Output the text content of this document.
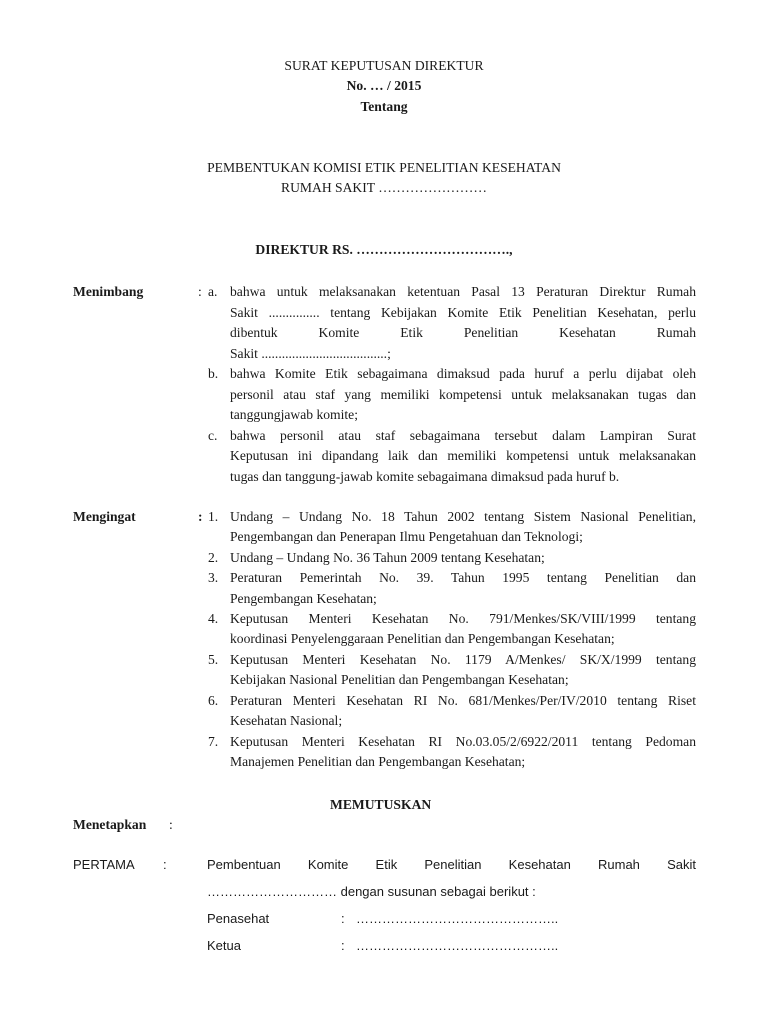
SURAT KEPUTUSAN DIREKTUR
No. … / 2015
Tentang
PEMBENTUKAN KOMISI ETIK PENELITIAN KESEHATAN
RUMAH SAKIT ……………………
DIREKTUR RS. …………………………….,
Menimbang	: a. bahwa untuk melaksanakan ketentuan Pasal 13 Peraturan Direktur Rumah
Sakit ............... tentang Kebijakan Komite Etik Penelitian Kesehatan, perlu
dibentuk Komite Etik Penelitian Kesehatan Rumah
Sakit .....................................;
b. bahwa Komite Etik sebagaimana dimaksud pada huruf a perlu dijabat oleh
personil atau staf yang memiliki kompetensi untuk melaksanakan tugas dan
tanggungjawab komite;
c. bahwa personil atau staf sebagaimana tersebut dalam Lampiran Surat
Keputusan ini dipandang laik dan memiliki kompetensi untuk melaksanakan
tugas dan tanggung-jawab komite sebagaimana dimaksud pada huruf b.
Mengingat	: 1. Undang – Undang No. 18 Tahun 2002 tentang Sistem Nasional Penelitian,
Pengembangan dan Penerapan Ilmu Pengetahuan dan Teknologi;
2. Undang – Undang No. 36 Tahun 2009 tentang Kesehatan;
3. Peraturan Pemerintah No. 39. Tahun 1995 tentang Penelitian dan
Pengembangan Kesehatan;
4. Keputusan Menteri Kesehatan No. 791/Menkes/SK/VIII/1999 tentang
koordinasi Penyelenggaraan Penelitian dan Pengembangan Kesehatan;
5. Keputusan Menteri Kesehatan No. 1179 A/Menkes/ SK/X/1999 tentang
Kebijakan Nasional Penelitian dan Pengembangan Kesehatan;
6. Peraturan Menteri Kesehatan RI No. 681/Menkes/Per/IV/2010 tentang Riset
Kesehatan Nasional;
7. Keputusan Menteri Kesehatan RI No.03.05/2/6922/2011 tentang Pedoman
Manajemen Penelitian dan Pengembangan Kesehatan;
MEMUTUSKAN
Menetapkan :
PERTAMA :	Pembentuan Komite Etik Penelitian Kesehatan Rumah Sakit
………………………… dengan susunan sebagai berikut :
Penasehat	: ………………………………………..
Ketua	: ………………………………………..
